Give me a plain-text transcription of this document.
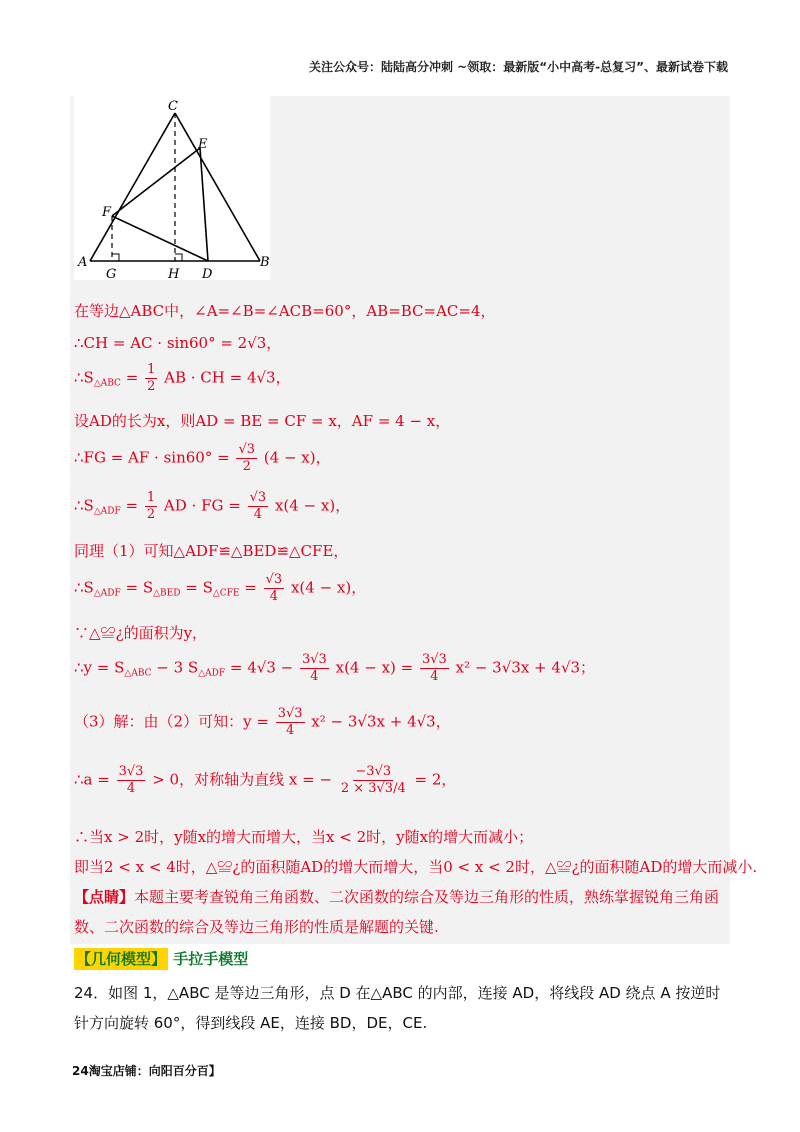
关注公众号：陆陆高分冲刺 ~领取：最新版“小中高考-总复习”、最新试卷下载
A	B
C
D
E
F
G	H
在等边△ABC中，∠A=∠B=∠ACB=60°，AB=BC=AC=4，
∴CH = AC · sin60° = 2√3，
$\therefore S_{\triangle ABC} = \frac{1}{2}$ AB · CH = 4√3，
设AD的长为x，则AD = BE = CF = x，AF = 4 − x，
∴FG = AF · $\sin 60^\circ = \frac{√3}{2} (4 - x)$，
$\therefore S_{\triangle ADF} = \frac{1}{2}$ AD · FG = $\frac{√3}{4} x(4 - x)$，
同理（1）可知△ADF≌△BED≌△CFE，
$\therefore S_{\triangle ADF} = S_{\triangle BED} = S_{\triangle CFE} = \frac{√3}{4} x(4 - x)$，
∵△≌¿的面积为y，
∴y = $S_{\triangle ABC} - 3$ $S_{\triangle ADF} = 4√3 - \frac{3√3}{4} x(4 - x) = \frac{3√3}{4} x^2 - 3√3x + 4√3$；
（3）解：由（2）可知：$y = \frac{3√3}{4} x^2 - 3√3x + 4√3$，
∴a = $\frac{3√3}{4} > 0$，对称轴为直线 x = − $\frac{-3√3}{2 \times 3√3/4} = 2$，
∴当x > 2时，y随x的增大而增大，当x < 2时，y随x的增大而减小；
即当2 < x < 4时，△≌¿的面积随AD的增大而增大，当0 < x < 2时，△≌¿的面积随AD的增大而减小.
【点睛】本题主要考查锐角三角函数、二次函数的综合及等边三角形的性质，熟练掌握锐角三角函数、二次函数的综合及等边三角形的性质是解题的关键.
【几何模型】 手拉手模型
24．如图 1，△ABC 是等边三角形，点 D 在△ABC 的内部，连接 AD，将线段 AD 绕点 A 按逆时针方向旋转 60°，得到线段 AE，连接 BD，DE，CE.
24淘宝店铺：向阳百分百】
